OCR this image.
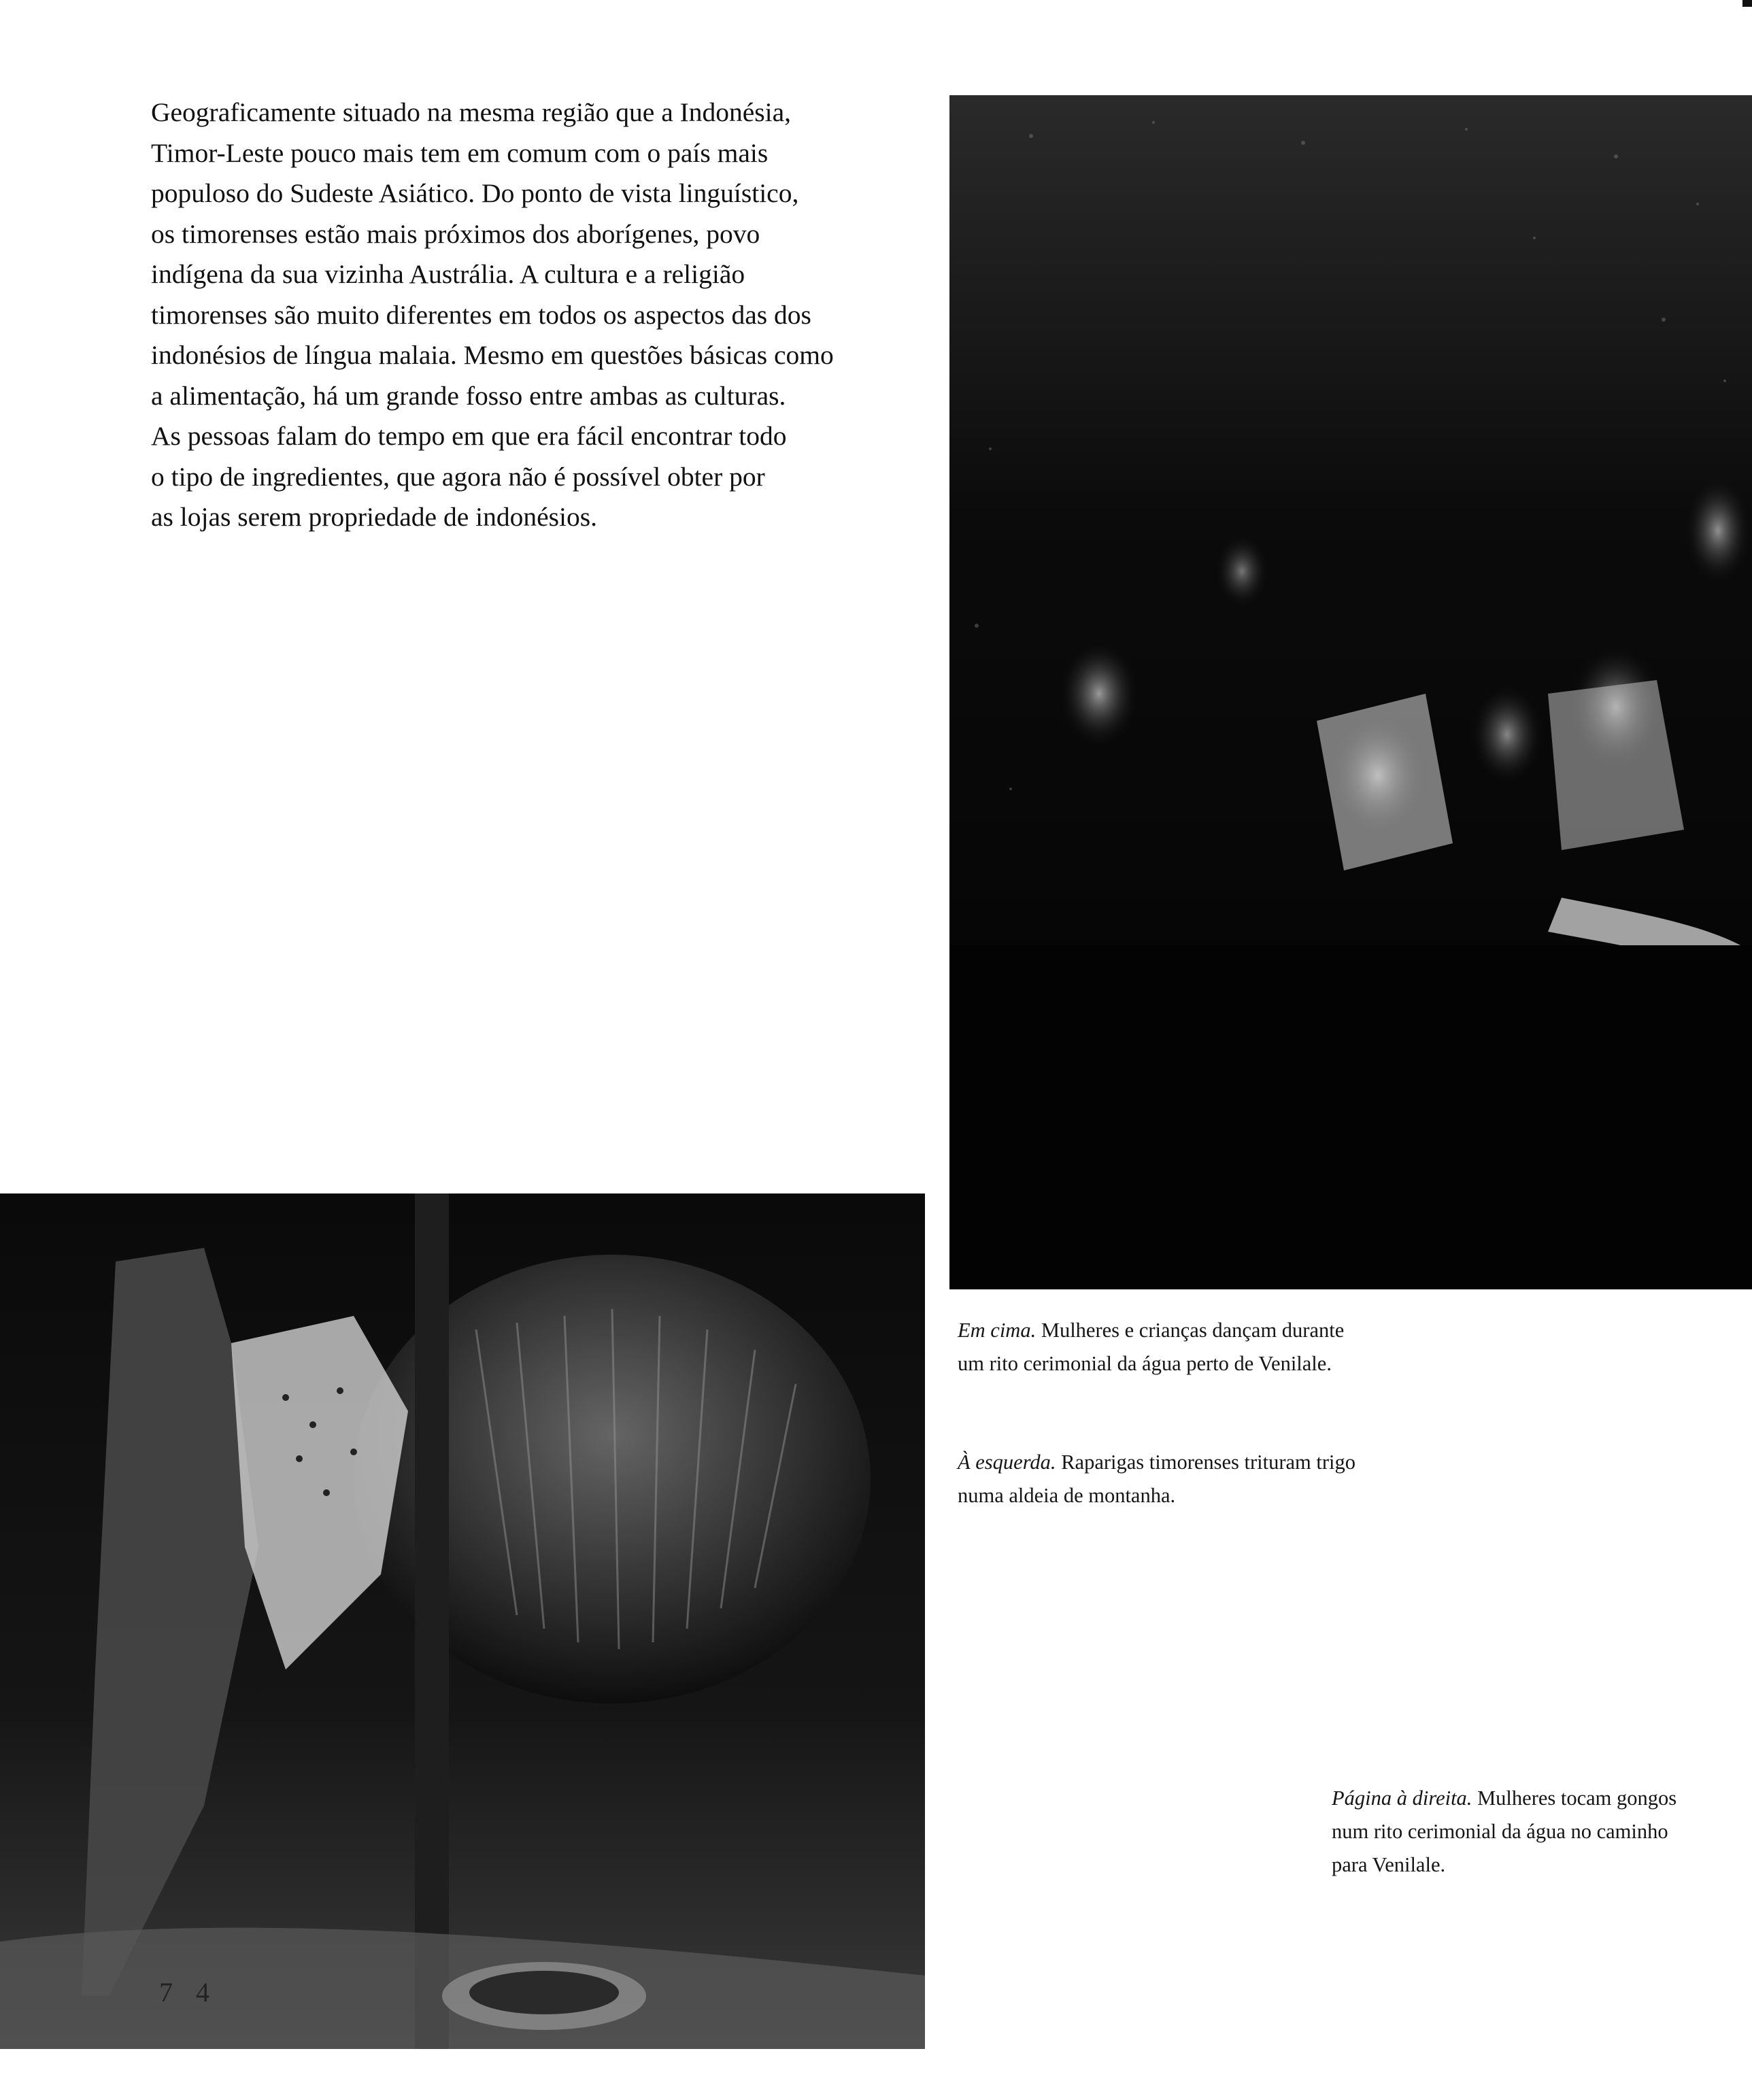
Geograficamente situado na mesma região que a Indonésia,
Timor-Leste pouco mais tem em comum com o país mais
populoso do Sudeste Asiático. Do ponto de vista linguístico,
os timorenses estão mais próximos dos aborígenes, povo
indígena da sua vizinha Austrália. A cultura e a religião
timorenses são muito diferentes em todos os aspectos das dos
indonésios de língua malaia. Mesmo em questões básicas como
a alimentação, há um grande fosso entre ambas as culturas.
As pessoas falam do tempo em que era fácil encontrar todo
o tipo de ingredientes, que agora não é possível obter por
as lojas serem propriedade de indonésios.

Em cima. Mulheres e crianças dançam durante
um rito cerimonial da água perto de Venilale.

À esquerda. Raparigas timorenses trituram trigo
numa aldeia de montanha.

Página à direita. Mulheres tocam gongos
num rito cerimonial da água no caminho
para Venilale.

7 4
